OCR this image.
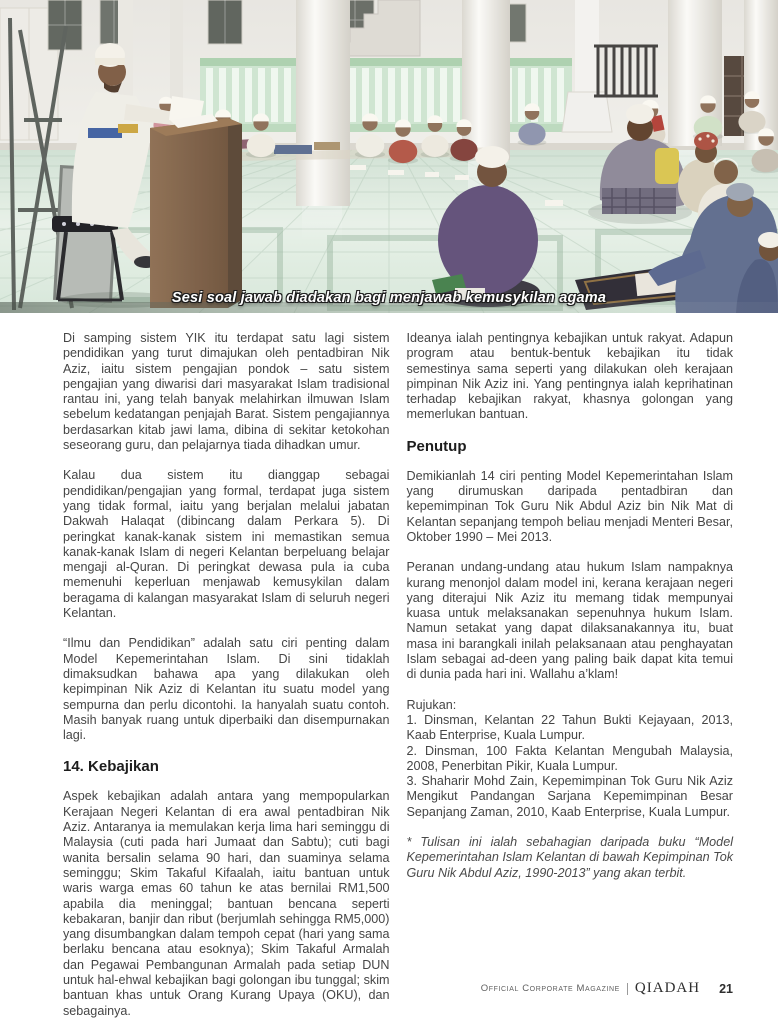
Sesi soal jawab diadakan bagi menjawab kemusykilan agama

Di samping sistem YIK itu terdapat satu lagi sistem pendidikan yang turut dimajukan oleh pentadbiran Nik Aziz, iaitu sistem pengajian pondok – satu sistem pengajian yang diwarisi dari masyarakat Islam tradisional rantau ini, yang telah banyak melahirkan ilmuwan Islam sebelum kedatangan penjajah Barat. Sistem pengajiannya berdasarkan kitab jawi lama, dibina di sekitar ketokohan seseorang guru, dan pelajarnya tiada dihadkan umur.

Kalau dua sistem itu dianggap sebagai pendidikan/pengajian yang formal, terdapat juga sistem yang tidak formal, iaitu yang berjalan melalui jabatan Dakwah Halaqat (dibincang dalam Perkara 5). Di peringkat kanak-kanak sistem ini memastikan semua kanak-kanak Islam di negeri Kelantan berpeluang belajar mengaji al-Quran. Di peringkat dewasa pula ia cuba memenuhi keperluan menjawab kemusykilan dalam beragama di kalangan masyarakat Islam di seluruh negeri Kelantan.

“Ilmu dan Pendidikan” adalah satu ciri penting dalam Model Kepemerintahan Islam. Di sini tidaklah dimaksudkan bahawa apa yang dilakukan oleh kepimpinan Nik Aziz di Kelantan itu suatu model yang sempurna dan perlu dicontohi. Ia hanyalah suatu contoh. Masih banyak ruang untuk diperbaiki dan disempurnakan lagi.

14. Kebajikan

Aspek kebajikan adalah antara yang mempopularkan Kerajaan Negeri Kelantan di era awal pentadbiran Nik Aziz. Antaranya ia memulakan kerja lima hari seminggu di Malaysia (cuti pada hari Jumaat dan Sabtu); cuti bagi wanita bersalin selama 90 hari, dan suaminya selama seminggu; Skim Takaful Kifaalah, iaitu bantuan untuk waris warga emas 60 tahun ke atas bernilai RM1,500 apabila dia meninggal; bantuan bencana seperti kebakaran, banjir dan ribut (berjumlah sehingga RM5,000) yang disumbangkan dalam tempoh cepat (hari yang sama berlaku bencana atau esoknya); Skim Takaful Armalah dan Pegawai Pembangunan Armalah pada setiap DUN untuk hal-ehwal kebajikan bagi golongan ibu tunggal; skim bantuan khas untuk Orang Kurang Upaya (OKU), dan sebagainya.

Ideanya ialah pentingnya kebajikan untuk rakyat. Adapun program atau bentuk-bentuk kebajikan itu tidak semestinya sama seperti yang dilakukan oleh kerajaan pimpinan Nik Aziz ini. Yang pentingnya ialah keprihatinan terhadap kebajikan rakyat, khasnya golongan yang memerlukan bantuan.

Penutup

Demikianlah 14 ciri penting Model Kepemerintahan Islam yang dirumuskan daripada pentadbiran dan kepemimpinan Tok Guru Nik Abdul Aziz bin Nik Mat di Kelantan sepanjang tempoh beliau menjadi Menteri Besar, Oktober 1990 – Mei 2013.

Peranan undang-undang atau hukum Islam nampaknya kurang menonjol dalam model ini, kerana kerajaan negeri yang diterajui Nik Aziz itu memang tidak mempunyai kuasa untuk melaksanakan sepenuhnya hukum Islam. Namun setakat yang dapat dilaksanakannya itu, buat masa ini barangkali inilah pelaksanaan atau penghayatan Islam sebagai ad-deen yang paling baik dapat kita temui di dunia pada hari ini. Wallahu a’klam!

Rujukan:

1. Dinsman, Kelantan 22 Tahun Bukti Kejayaan, 2013, Kaab Enterprise, Kuala Lumpur.

2. Dinsman, 100 Fakta Kelantan Mengubah Malaysia, 2008, Penerbitan Pikir, Kuala Lumpur.

3. Shaharir Mohd Zain, Kepemimpinan Tok Guru Nik Aziz Mengikut Pandangan Sarjana Kepemimpinan Besar Sepanjang Zaman, 2010, Kaab Enterprise, Kuala Lumpur.

* Tulisan ini ialah sebahagian daripada buku “Model Kepemerintahan Islam Kelantan di bawah Kepimpinan Tok Guru Nik Abdul Aziz, 1990-2013” yang akan terbit.

Official Corporate Magazine QIADAH 21
